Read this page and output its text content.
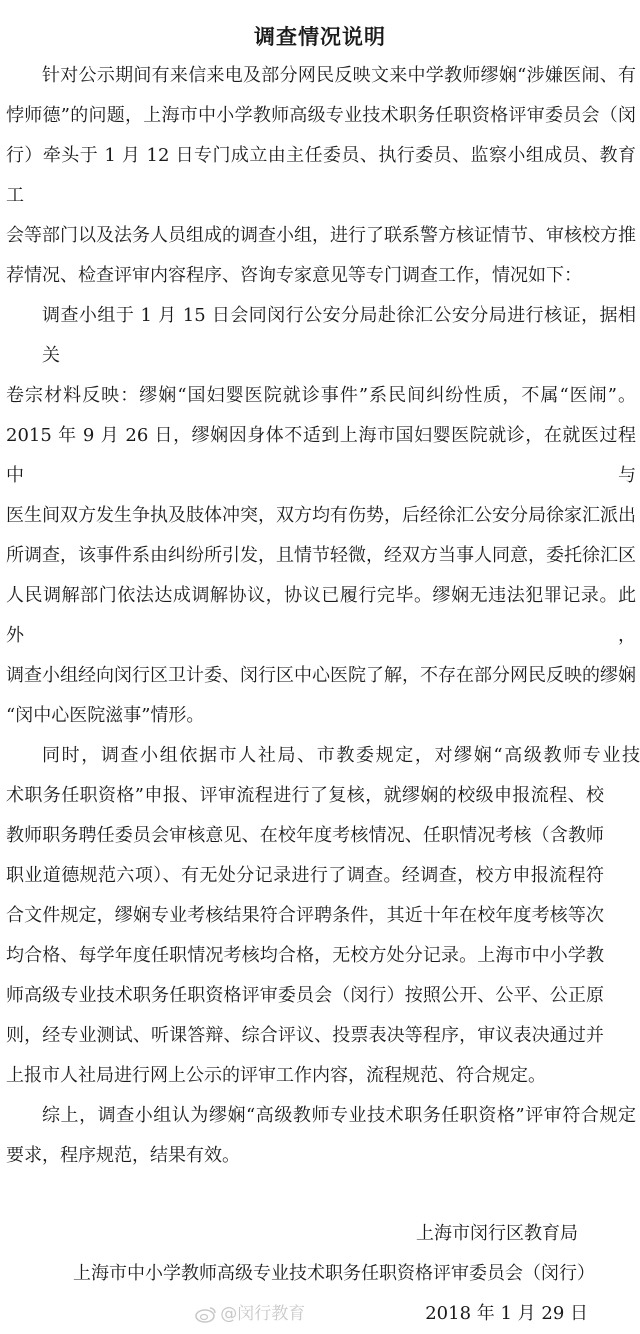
调查情况说明
针对公示期间有来信来电及部分网民反映文来中学教师缪娴“涉嫌医闹、有
悖师德”的问题，上海市中小学教师高级专业技术职务任职资格评审委员会（闵
行）牵头于 1 月 12 日专门成立由主任委员、执行委员、监察小组成员、教育工
会等部门以及法务人员组成的调查小组，进行了联系警方核证情节、审核校方推
荐情况、检查评审内容程序、咨询专家意见等专门调查工作，情况如下：
调查小组于 1 月 15 日会同闵行公安分局赴徐汇公安分局进行核证，据相关
卷宗材料反映：缪娴“国妇婴医院就诊事件”系民间纠纷性质，不属“医闹”。
2015 年 9 月 26 日，缪娴因身体不适到上海市国妇婴医院就诊，在就医过程中与
医生间双方发生争执及肢体冲突，双方均有伤势，后经徐汇公安分局徐家汇派出
所调查，该事件系由纠纷所引发，且情节轻微，经双方当事人同意，委托徐汇区
人民调解部门依法达成调解协议，协议已履行完毕。缪娴无违法犯罪记录。此外，
调查小组经向闵行区卫计委、闵行区中心医院了解，不存在部分网民反映的缪娴
“闵中心医院滋事”情形。
同时，调查小组依据市人社局、市教委规定，对缪娴“高级教师专业技
术职务任职资格”申报、评审流程进行了复核，就缪娴的校级申报流程、校
教师职务聘任委员会审核意见、在校年度考核情况、任职情况考核（含教师
职业道德规范六项）、有无处分记录进行了调查。经调查，校方申报流程符
合文件规定，缪娴专业考核结果符合评聘条件，其近十年在校年度考核等次
均合格、每学年度任职情况考核均合格，无校方处分记录。上海市中小学教
师高级专业技术职务任职资格评审委员会（闵行）按照公开、公平、公正原
则，经专业测试、听课答辩、综合评议、投票表决等程序，审议表决通过并
上报市人社局进行网上公示的评审工作内容，流程规范、符合规定。
综上，调查小组认为缪娴“高级教师专业技术职务任职资格”评审符合规定
要求，程序规范，结果有效。
上海市闵行区教育局
上海市中小学教师高级专业技术职务任职资格评审委员会（闵行）
@闵行教育	2018 年 1 月 29 日
